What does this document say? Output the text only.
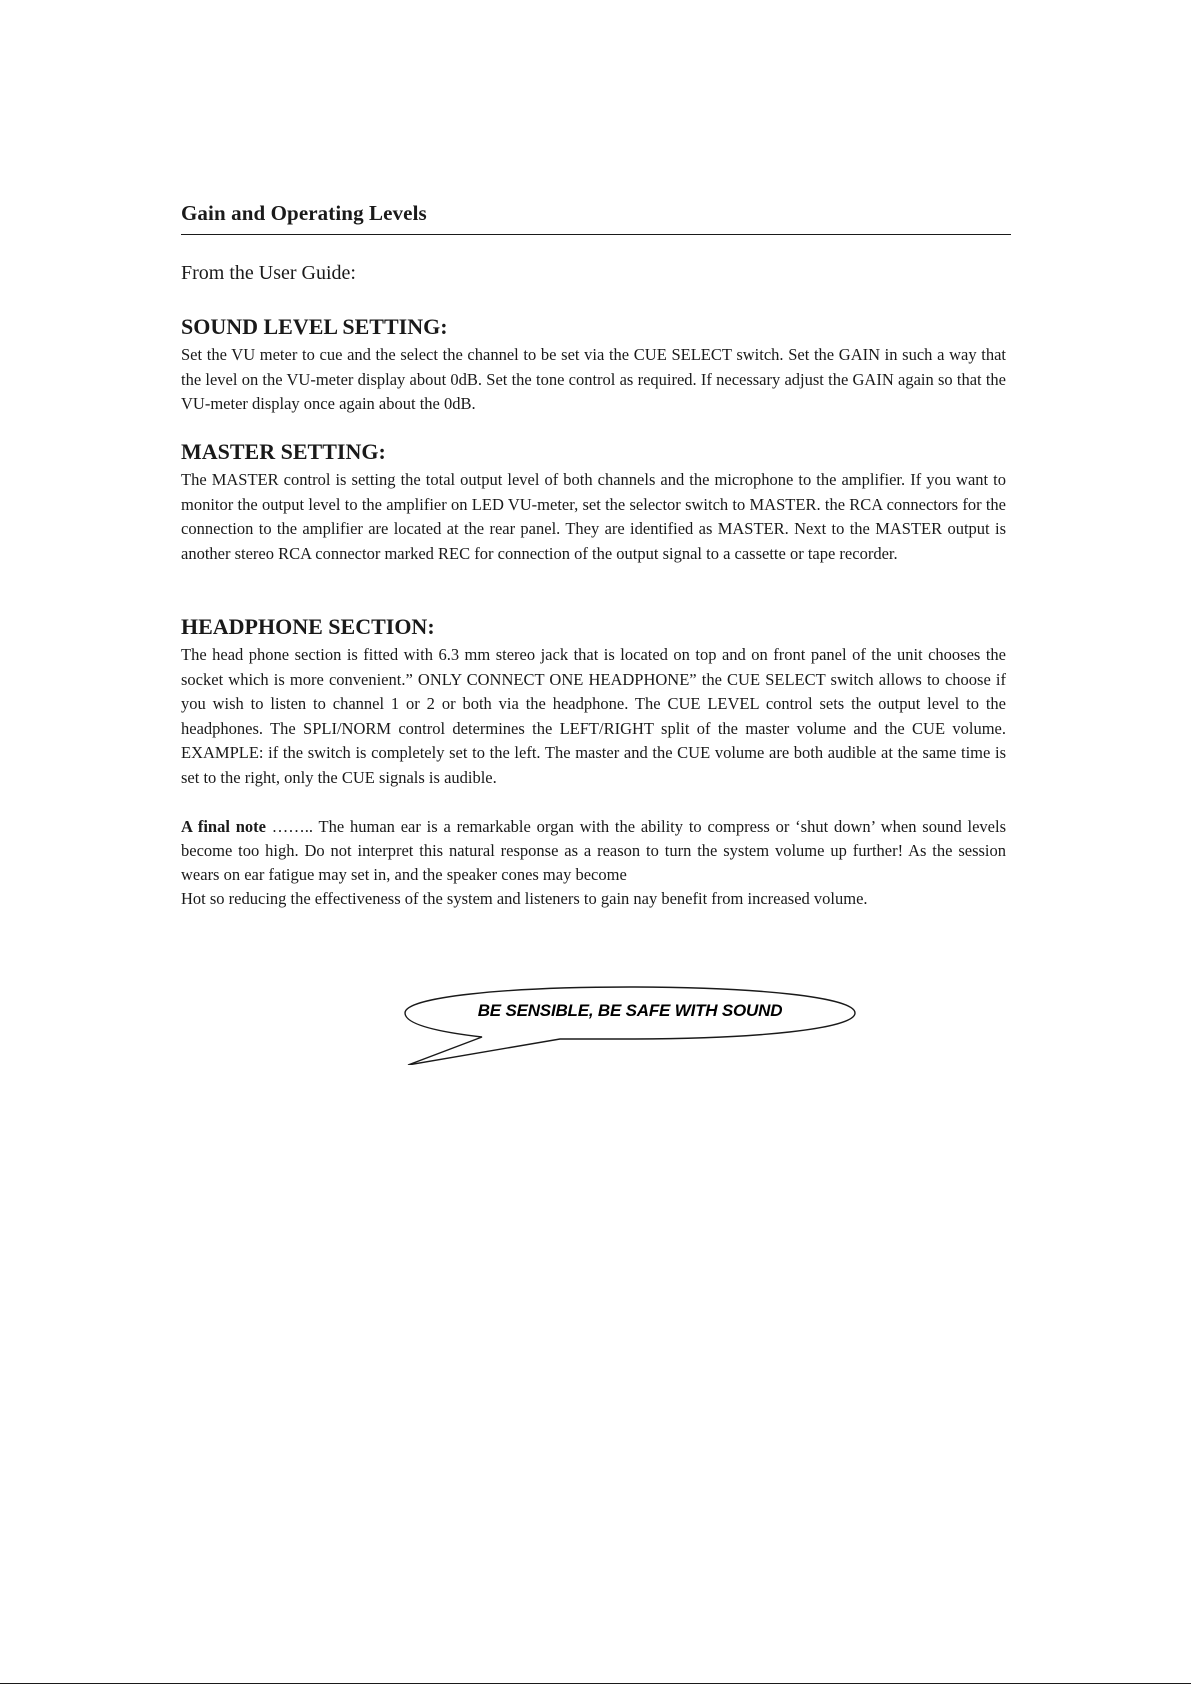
Gain and Operating Levels
From the User Guide:
SOUND LEVEL SETTING:

Set the VU meter to cue and the select the channel to be set via the CUE SELECT switch. Set the GAIN in such a way that the level on the VU-meter display about 0dB. Set the tone control as required. If necessary adjust the GAIN again so that the VU-meter display once again about the 0dB.

MASTER SETTING:

The MASTER control is setting the total output level of both channels and the microphone to the amplifier. If you want to monitor the output level to the amplifier on LED VU-meter, set the selector switch to MASTER. the RCA connectors for the connection to the amplifier are located at the rear panel. They are identified as MASTER. Next to the MASTER output is another stereo RCA connector marked REC for connection of the output signal to a cassette or tape recorder.

HEADPHONE SECTION:

The head phone section is fitted with 6.3 mm stereo jack that is located on top and on front panel of the unit chooses the socket which is more convenient.” ONLY CONNECT ONE HEADPHONE” the CUE SELECT switch allows to choose if you wish to listen to channel 1 or 2 or both via the headphone. The CUE LEVEL control sets the output level to the headphones. The SPLI/NORM control determines the LEFT/RIGHT split of the master volume and the CUE volume. EXAMPLE: if the switch is completely set to the left. The master and the CUE volume are both audible at the same time is set to the right, only the CUE signals is audible.

A final note …….. The human ear is a remarkable organ with the ability to compress or ‘shut down’ when sound levels become too high. Do not interpret this natural response as a reason to turn the system volume up further! As the session wears on ear fatigue may set in, and the speaker cones may become
Hot so reducing the effectiveness of the system and listeners to gain nay benefit from increased volume.
BE SENSIBLE, BE SAFE WITH SOUND
